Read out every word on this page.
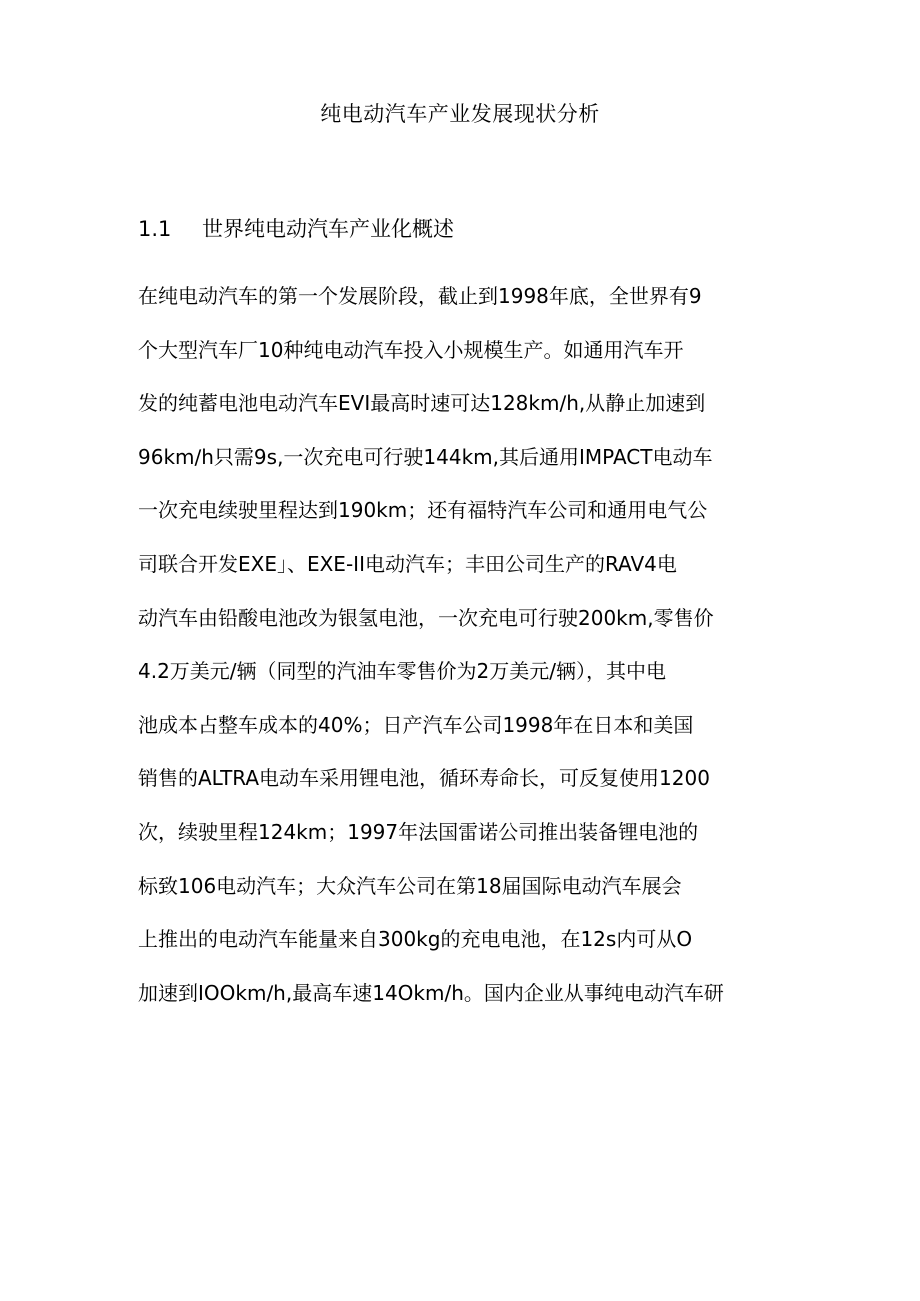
纯电动汽车产业发展现状分析
1.1 世界纯电动汽车产业化概述
在纯电动汽车的第一个发展阶段，截止到1998年底，全世界有9
个大型汽车厂10种纯电动汽车投入小规模生产。如通用汽车开
发的纯蓄电池电动汽车EVI最高时速可达128km∕h,从静止加速到
96km∕h只需9s,一次充电可行驶144km,其后通用IMPACT电动车
一次充电续驶里程达到190km；还有福特汽车公司和通用电气公
司联合开发EXE」、EXE-II电动汽车；丰田公司生产的RAV4电
动汽车由铅酸电池改为银氢电池，一次充电可行驶200km,零售价
4.2万美元/辆（同型的汽油车零售价为2万美元/辆），其中电
池成本占整车成本的40%；日产汽车公司1998年在日本和美国
销售的ALTRA电动车采用锂电池，循环寿命长，可反复使用1200
次，续驶里程124km；1997年法国雷诺公司推出装备锂电池的
标致106电动汽车；大众汽车公司在第18届国际电动汽车展会
上推出的电动汽车能量来自300kg的充电电池，在12s内可从O
加速到IOOkm∕h,最高车速14Okm/h。国内企业从事纯电动汽车研
